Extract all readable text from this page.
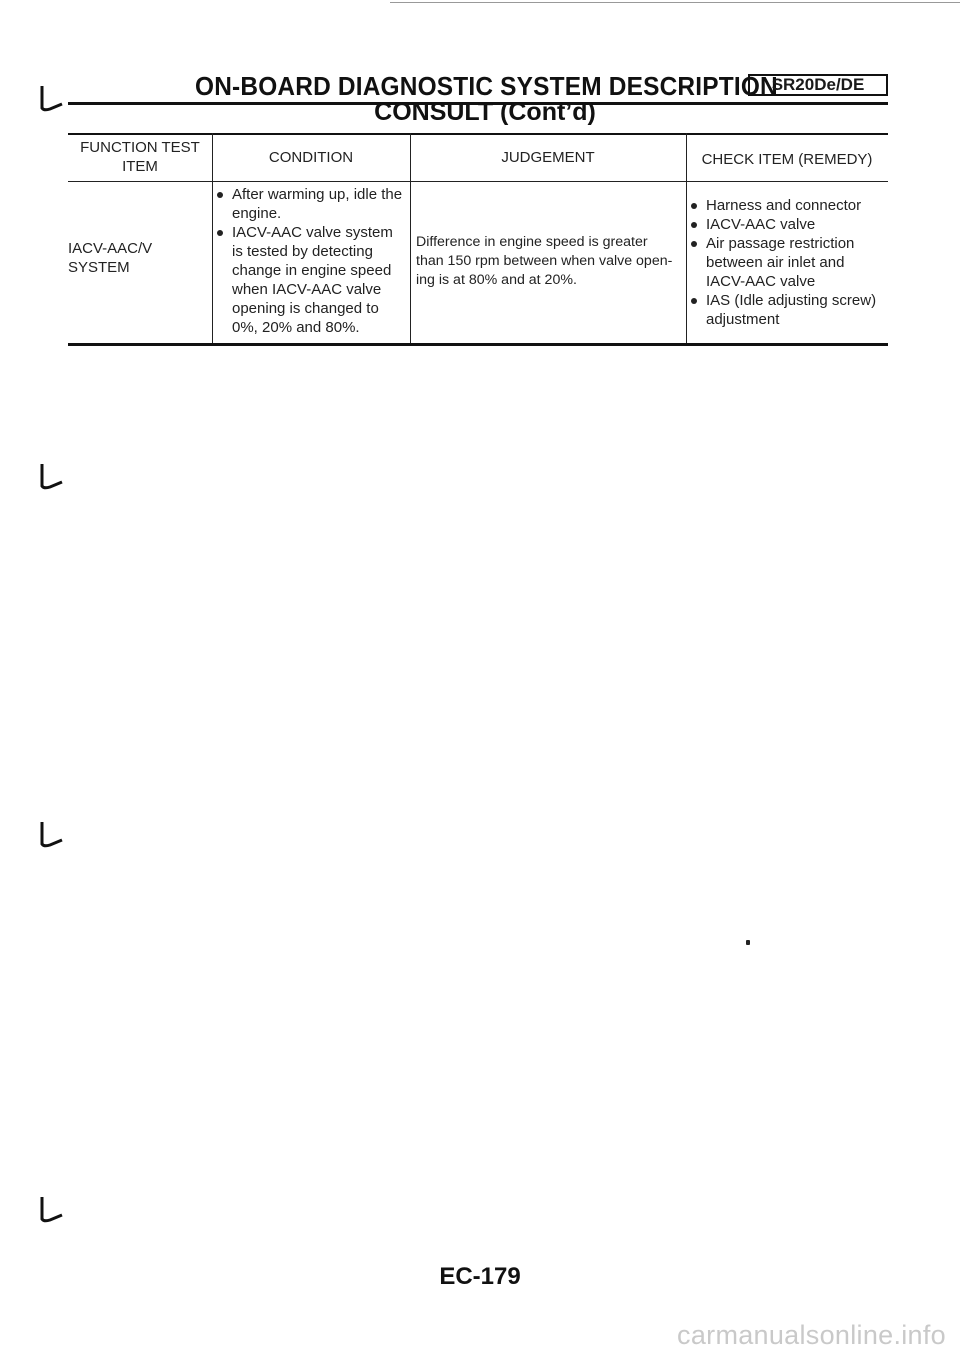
ON-BOARD DIAGNOSTIC SYSTEM DESCRIPTION
SR20De/DE
CONSULT (Cont’d)
FUNCTION TEST
ITEM
CONDITION	JUDGEMENT	CHECK ITEM (REMEDY)
IACV-AAC/V
SYSTEM
After warming up, idle the
engine.
IACV-AAC valve system
is tested by detecting
change in engine speed
when IACV-AAC valve
opening is changed to
0%, 20% and 80%.
Difference in engine speed is greater
than 150 rpm between when valve open-
ing is at 80% and at 20%.
Harness and connector
IACV-AAC valve
Air passage restriction
between air inlet and
IACV-AAC valve
IAS (Idle adjusting screw)
adjustment
EC-179
carmanualsonline.info
